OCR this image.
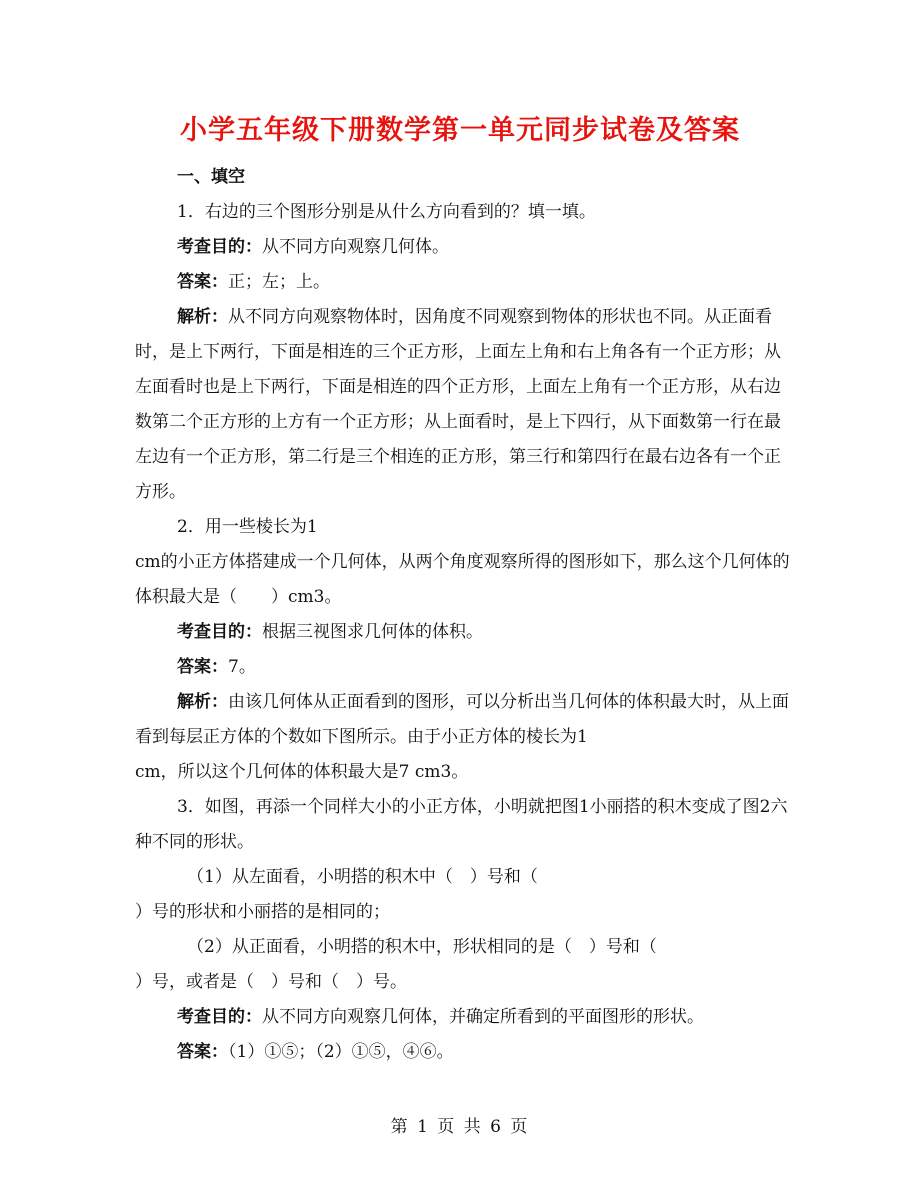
小学五年级下册数学第一单元同步试卷及答案

一、填空

1．右边的三个图形分别是从什么方向看到的？填一填。

考查目的：从不同方向观察几何体。

答案：正；左；上。

解析：从不同方向观察物体时，因角度不同观察到物体的形状也不同。从正面看时，是上下两行，下面是相连的三个正方形，上面左上角和右上角各有一个正方形；从左面看时也是上下两行，下面是相连的四个正方形，上面左上角有一个正方形，从右边数第二个正方形的上方有一个正方形；从上面看时，是上下四行，从下面数第一行在最左边有一个正方形，第二行是三个相连的正方形，第三行和第四行在最右边各有一个正方形。

2．用一些棱长为1

cm的小正方体搭建成一个几何体，从两个角度观察所得的图形如下，那么这个几何体的体积最大是（　　）cm3。

考查目的：根据三视图求几何体的体积。

答案：7。

解析：由该几何体从正面看到的图形，可以分析出当几何体的体积最大时，从上面看到每层正方体的个数如下图所示。由于小正方体的棱长为1

cm，所以这个几何体的体积最大是7 cm3。

3．如图，再添一个同样大小的小正方体，小明就把图1小丽搭的积木变成了图2六种不同的形状。

（1）从左面看，小明搭的积木中（　）号和（

）号的形状和小丽搭的是相同的；

（2）从正面看，小明搭的积木中，形状相同的是（　）号和（

）号，或者是（　）号和（　）号。

考查目的：从不同方向观察几何体，并确定所看到的平面图形的形状。

答案：（1）①⑤；（2）①⑤，④⑥。

第 1 页 共 6 页
